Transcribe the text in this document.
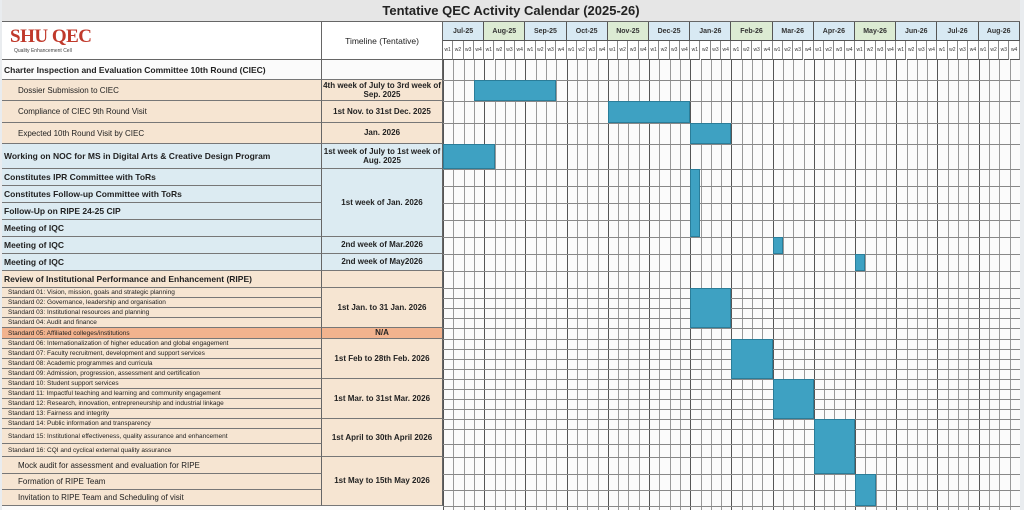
Tentative QEC Activity Calendar (2025-26)
SHU QEC
Quality Enhancement Cell
Timeline (Tentative)
Jul-25
w1 w2 w3 w4
Aug-25
w1 w2 w3 w4
Sep-25
w1 w2 w3 w4
Oct-25
w1 w2 w3 w4
Nov-25
w1 w2 w3 w4
Dec-25
w1 w2 w3 w4
Jan-26
w1 w2 w3 w4
Feb-26
w1 w2 w3 w4
Mar-26
w1 w2 w3 w4
Apr-26
w1 w2 w3 w4
May-26
w1 w2 w3 w4
Jun-26
w1 w2 w3 w4
Jul-26
w1 w2 w3 w4
Aug-26
w1 w2 w3 w4
Charter Inspection and Evaluation Committee 10th Round (CIEC)
Dossier Submission to CIEC
Compliance of CIEC 9th Round Visit
Expected 10th Round Visit by CIEC
Working on NOC for MS in Digital Arts & Creative Design Program
Constitutes IPR Committee with ToRs
Constitutes Follow-up Committee with ToRs
Follow-Up on RIPE 24-25 CIP
Meeting of IQC
Meeting of IQC
Meeting of IQC
Review of Institutional Performance and Enhancement (RIPE)
Standard 01: Vision, mission, goals and strategic planning
Standard 02: Governance, leadership and organisation
Standard 03: Institutional resources and planning
Standard 04: Audit and finance
Standard 05: Affiliated colleges/institutions
Standard 06: Internationalization of higher education and global engagement
Standard 07: Faculty recruitment, development and support services
Standard 08: Academic programmes and curricula
Standard 09: Admission, progression, assessment and certification
Standard 10: Student support services
Standard 11: Impactful teaching and learning and community engagement
Standard 12: Research, innovation, entrepreneurship and industrial linkage
Standard 13: Fairness and integrity
Standard 14: Public information and transparency
Standard 15: Institutional effectiveness, quality assurance and enhancement
Standard 16: CQI and cyclical external quality assurance
Mock audit for assessment and evaluation for RIPE
Formation of RIPE Team
Invitation to RIPE Team and Scheduling of visit
4th week of July to 3rd week of Sep. 2025
1st Nov. to 31st Dec. 2025
Jan. 2026
1st week of July to 1st week of Aug. 2025
1st week of Jan. 2026
2nd week of Mar.2026
2nd week of May2026
1st Jan. to 31 Jan. 2026
N/A
1st Feb to 28th Feb. 2026
1st Mar. to 31st Mar. 2026
1st April to 30th April 2026
1st May to 15th May 2026
